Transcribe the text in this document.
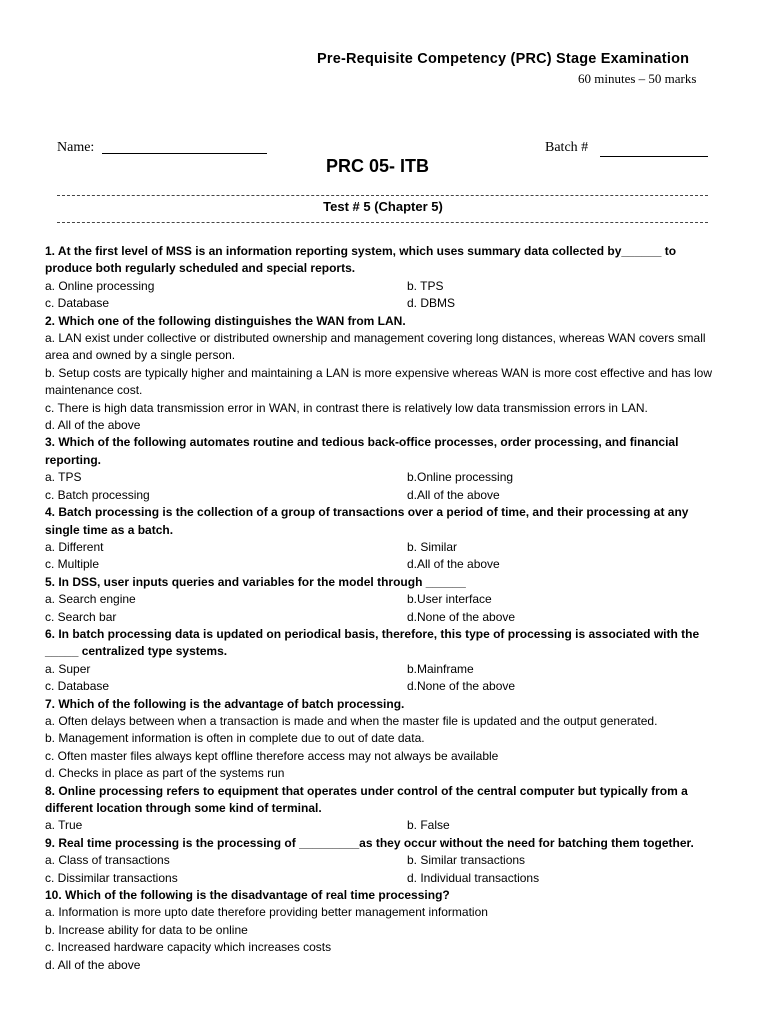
Pre-Requisite Competency (PRC) Stage Examination
60 minutes – 50 marks
Name:	Batch #
PRC 05- ITB
Test # 5 (Chapter 5)

1. At the first level of MSS is an information reporting system, which uses summary data collected by______ to produce both regularly scheduled and special reports.

a. Online processing	b. TPS
c. Database	d. DBMS

2. Which one of the following distinguishes the WAN from LAN.

a. LAN exist under collective or distributed ownership and management covering long distances, whereas WAN covers small area and owned by a single person.
b. Setup costs are typically higher and maintaining a LAN is more expensive whereas WAN is more cost effective and has low maintenance cost.
c. There is high data transmission error in WAN, in contrast there is relatively low data transmission errors in LAN.
d. All of the above

3. Which of the following automates routine and tedious back-office processes, order processing, and financial reporting.

a. TPS	b.Online processing
c. Batch processing	d.All of the above

4. Batch processing is the collection of a group of transactions over a period of time, and their processing at any single time as a batch.

a. Different	b. Similar
c. Multiple	d.All of the above

5. In DSS, user inputs queries and variables for the model through ______

a. Search engine	b.User interface
c. Search bar	d.None of the above

6. In batch processing data is updated on periodical basis, therefore, this type of processing is associated with the _____ centralized type systems.

a. Super	b.Mainframe
c. Database	d.None of the above

7. Which of the following is the advantage of batch processing.

a. Often delays between when a transaction is made and when the master file is updated and the output generated.
b. Management information is often in complete due to out of date data.
c. Often master files always kept offline therefore access may not always be available
d. Checks in place as part of the systems run

8. Online processing refers to equipment that operates under control of the central computer but typically from a different location through some kind of terminal.

a. True	b. False

9. Real time processing is the processing of _________as they occur without the need for batching them together.

a. Class of transactions	b. Similar transactions
c. Dissimilar transactions	d. Individual transactions

10. Which of the following is the disadvantage of real time processing?

a. Information is more upto date therefore providing better management information
b. Increase ability for data to be online
c. Increased hardware capacity which increases costs
d. All of the above
